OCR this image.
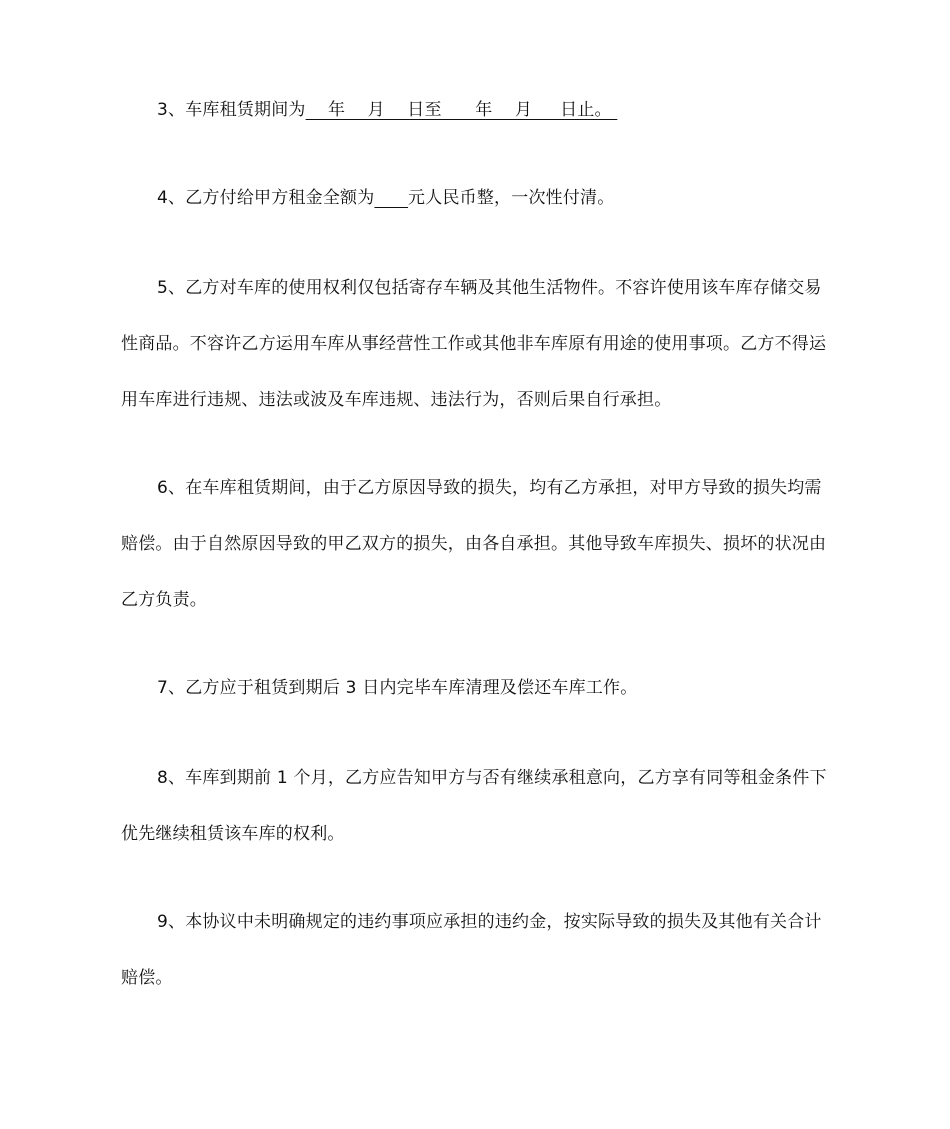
3、车库租赁期间为    年    月    日至      年    月     日止。

4、乙方付给甲方租金全额为 元人民币整，一次性付清。

5、乙方对车库的使用权利仅包括寄存车辆及其他生活物件。不容许使用该车库存储交易性商品。不容许乙方运用车库从事经营性工作或其他非车库原有用途的使用事项。乙方不得运用车库进行违规、违法或波及车库违规、违法行为，否则后果自行承担。

6、在车库租赁期间，由于乙方原因导致的损失，均有乙方承担，对甲方导致的损失均需赔偿。由于自然原因导致的甲乙双方的损失，由各自承担。其他导致车库损失、损坏的状况由乙方负责。

7、乙方应于租赁到期后 3 日内完毕车库清理及偿还车库工作。

8、车库到期前 1 个月，乙方应告知甲方与否有继续承租意向，乙方享有同等租金条件下优先继续租赁该车库的权利。

9、本协议中未明确规定的违约事项应承担的违约金，按实际导致的损失及其他有关合计赔偿。
